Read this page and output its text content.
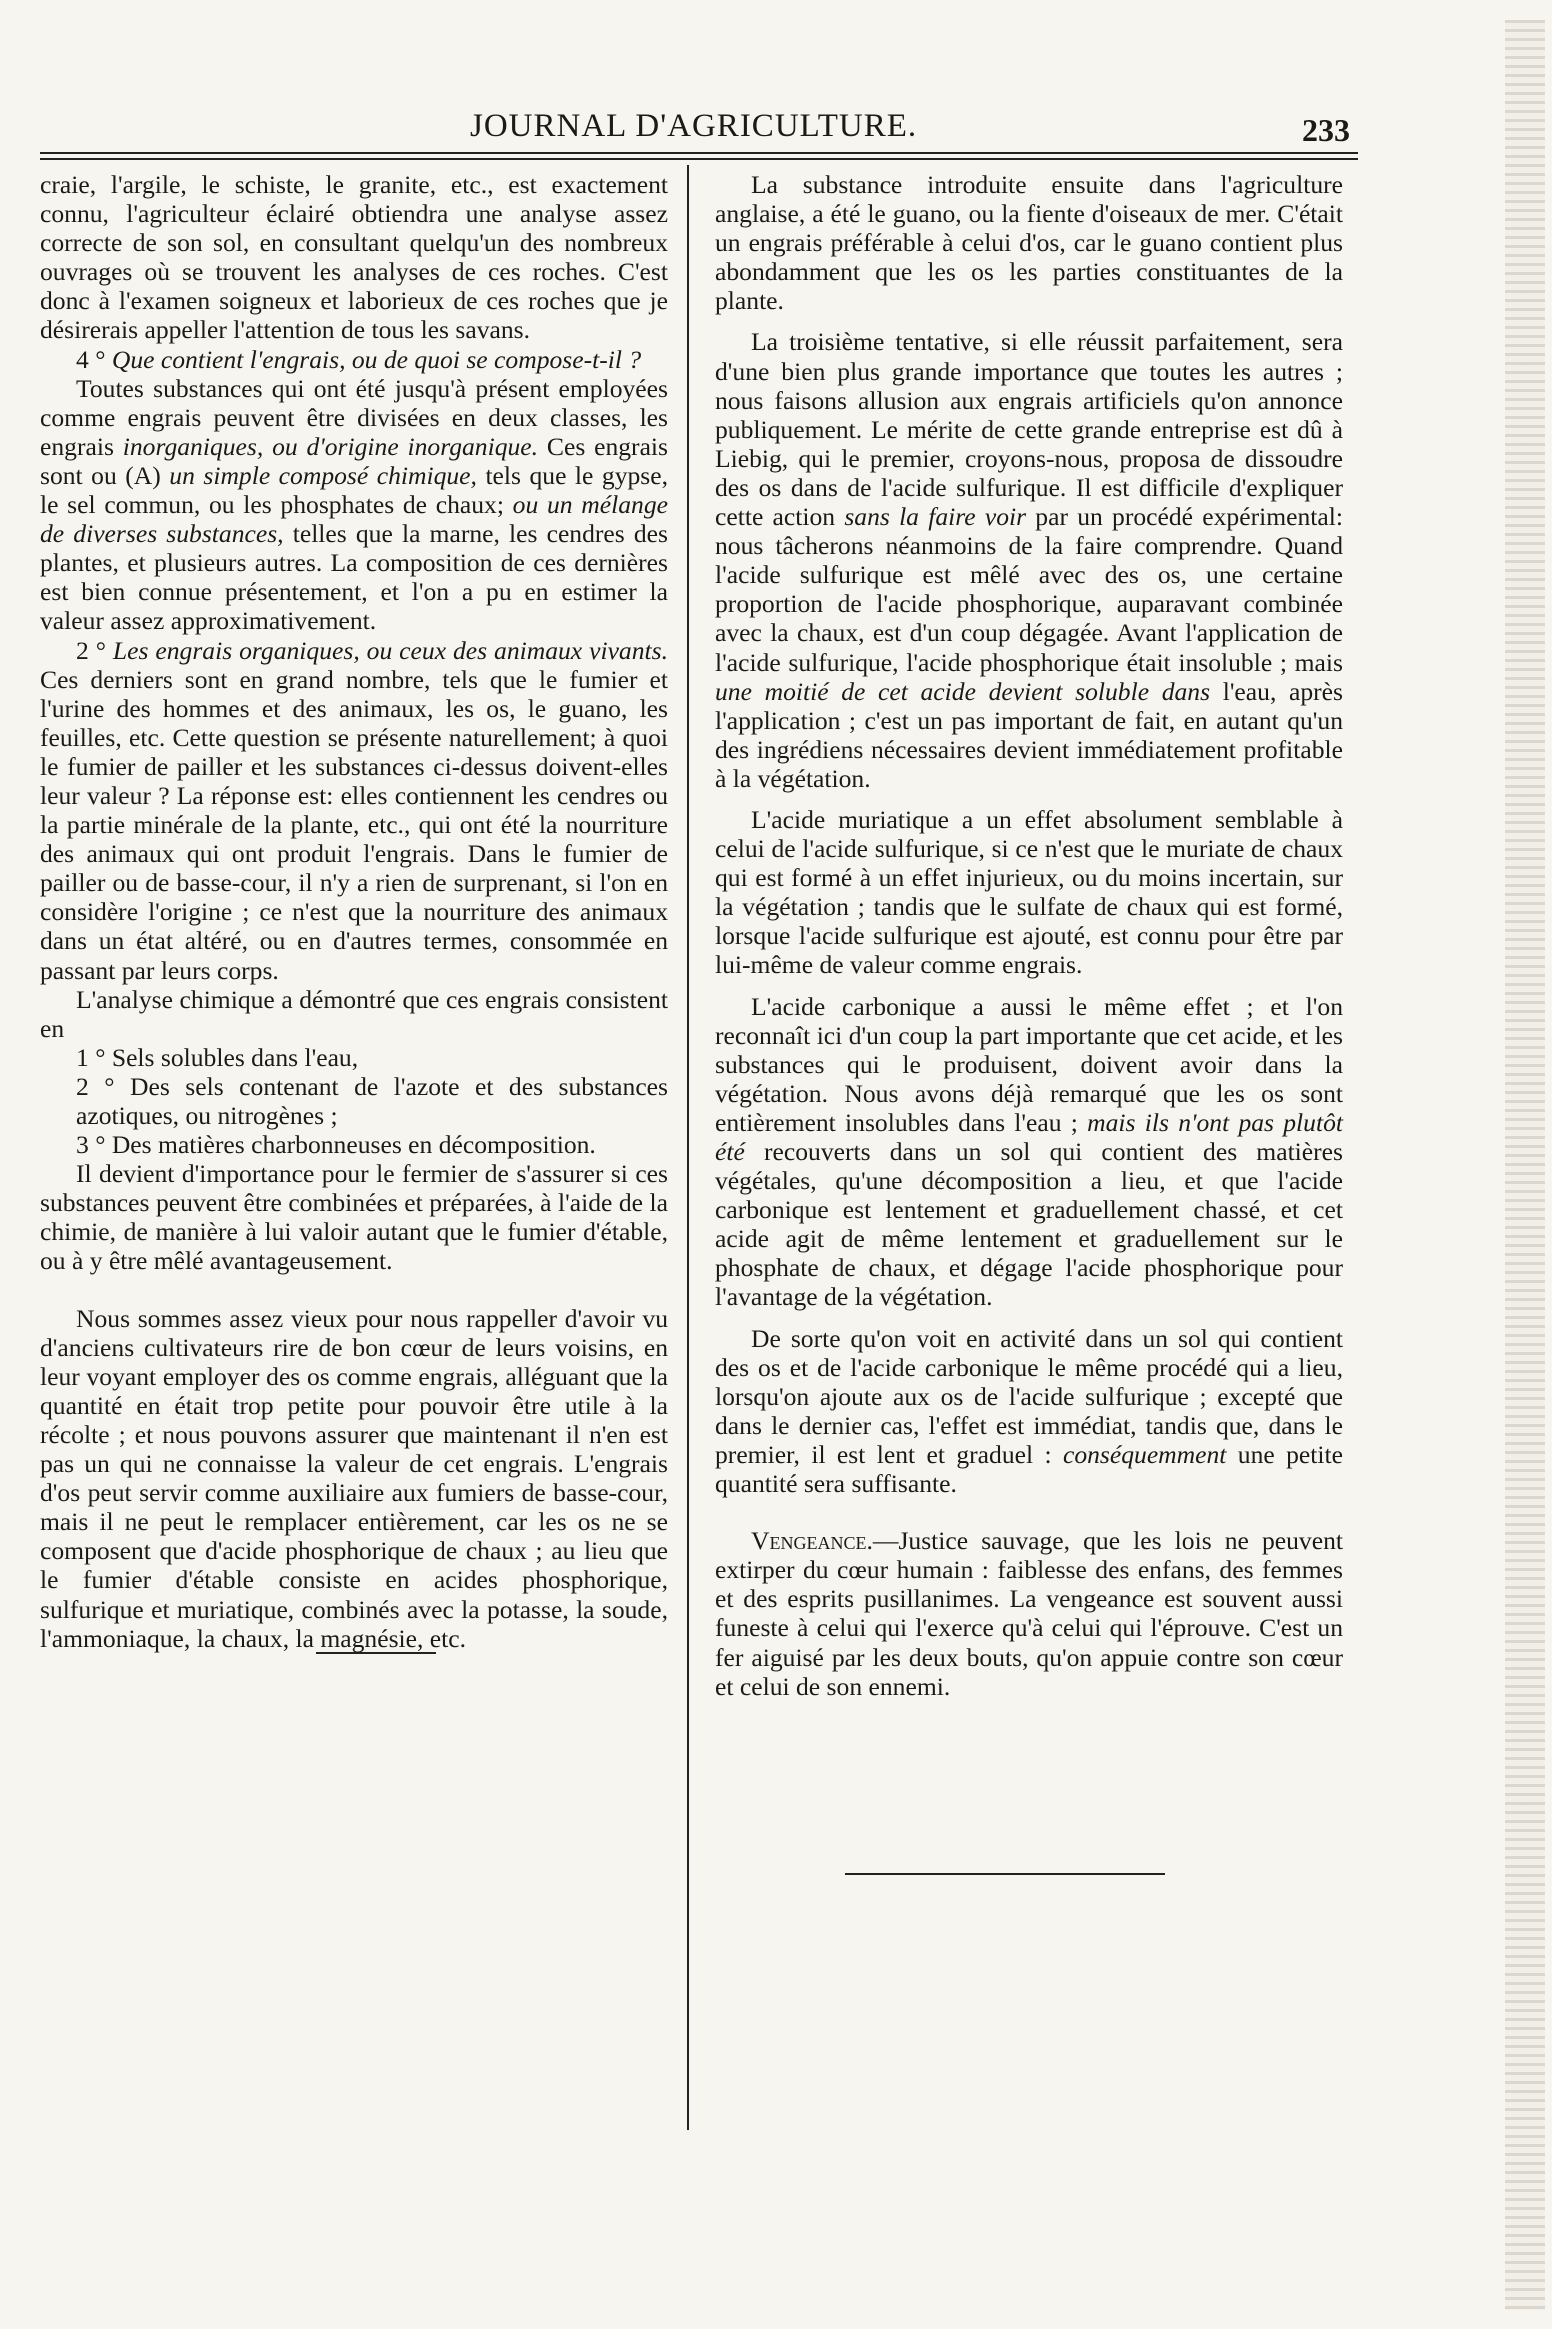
JOURNAL D'AGRICULTURE.	233

craie, l'argile, le schiste, le granite, etc., est exactement connu, l'agriculteur éclairé obtiendra une analyse assez correcte de son sol, en consultant quelqu'un des nombreux ouvrages où se trouvent les analyses de ces roches. C'est donc à l'examen soigneux et laborieux de ces roches que je désirerais appeller l'attention de tous les savans.

4 ° Que contient l'engrais, ou de quoi se compose-t-il ?

Toutes substances qui ont été jusqu'à présent employées comme engrais peuvent être divisées en deux classes, les engrais inorganiques, ou d'origine inorganique. Ces engrais sont ou (A) un simple composé chimique, tels que le gypse, le sel commun, ou les phosphates de chaux; ou un mélange de diverses substances, telles que la marne, les cendres des plantes, et plusieurs autres. La composition de ces dernières est bien connue présentement, et l'on a pu en estimer la valeur assez approximativement.

2 ° Les engrais organiques, ou ceux des animaux vivants. Ces derniers sont en grand nombre, tels que le fumier et l'urine des hommes et des animaux, les os, le guano, les feuilles, etc. Cette question se présente naturellement; à quoi le fumier de pailler et les substances ci-dessus doivent-elles leur valeur ? La réponse est: elles contiennent les cendres ou la partie minérale de la plante, etc., qui ont été la nourriture des animaux qui ont produit l'engrais. Dans le fumier de pailler ou de basse-cour, il n'y a rien de surprenant, si l'on en considère l'origine ; ce n'est que la nourriture des animaux dans un état altéré, ou en d'autres termes, consommée en passant par leurs corps.

L'analyse chimique a démontré que ces engrais consistent en

1 ° Sels solubles dans l'eau,

2 ° Des sels contenant de l'azote et des substances azotiques, ou nitrogènes ;

3 ° Des matières charbonneuses en décomposition.

Il devient d'importance pour le fermier de s'assurer si ces substances peuvent être combinées et préparées, à l'aide de la chimie, de manière à lui valoir autant que le fumier d'étable, ou à y être mêlé avantageusement.

Nous sommes assez vieux pour nous rappeller d'avoir vu d'anciens cultivateurs rire de bon cœur de leurs voisins, en leur voyant employer des os comme engrais, alléguant que la quantité en était trop petite pour pouvoir être utile à la récolte ; et nous pouvons assurer que maintenant il n'en est pas un qui ne connaisse la valeur de cet engrais. L'engrais d'os peut servir comme auxiliaire aux fumiers de basse-cour, mais il ne peut le remplacer entièrement, car les os ne se composent que d'acide phosphorique de chaux ; au lieu que le fumier d'étable consiste en acides phosphorique, sulfurique et muriatique, combinés avec la potasse, la soude, l'ammoniaque, la chaux, la magnésie, etc.

La substance introduite ensuite dans l'agriculture anglaise, a été le guano, ou la fiente d'oiseaux de mer. C'était un engrais préférable à celui d'os, car le guano contient plus abondamment que les os les parties constituantes de la plante.

La troisième tentative, si elle réussit parfaitement, sera d'une bien plus grande importance que toutes les autres ; nous faisons allusion aux engrais artificiels qu'on annonce publiquement. Le mérite de cette grande entreprise est dû à Liebig, qui le premier, croyons-nous, proposa de dissoudre des os dans de l'acide sulfurique. Il est difficile d'expliquer cette action sans la faire voir par un procédé expérimental: nous tâcherons néanmoins de la faire comprendre. Quand l'acide sulfurique est mêlé avec des os, une certaine proportion de l'acide phosphorique, auparavant combinée avec la chaux, est d'un coup dégagée. Avant l'application de l'acide sulfurique, l'acide phosphorique était insoluble ; mais une moitié de cet acide devient soluble dans l'eau, après l'application ; c'est un pas important de fait, en autant qu'un des ingrédiens nécessaires devient immédiatement profitable à la végétation.

L'acide muriatique a un effet absolument semblable à celui de l'acide sulfurique, si ce n'est que le muriate de chaux qui est formé à un effet injurieux, ou du moins incertain, sur la végétation ; tandis que le sulfate de chaux qui est formé, lorsque l'acide sulfurique est ajouté, est connu pour être par lui-même de valeur comme engrais.

L'acide carbonique a aussi le même effet ; et l'on reconnaît ici d'un coup la part importante que cet acide, et les substances qui le produisent, doivent avoir dans la végétation. Nous avons déjà remarqué que les os sont entièrement insolubles dans l'eau ; mais ils n'ont pas plutôt été recouverts dans un sol qui contient des matières végétales, qu'une décomposition a lieu, et que l'acide carbonique est lentement et graduellement chassé, et cet acide agit de même lentement et graduellement sur le phosphate de chaux, et dégage l'acide phosphorique pour l'avantage de la végétation.

De sorte qu'on voit en activité dans un sol qui contient des os et de l'acide carbonique le même procédé qui a lieu, lorsqu'on ajoute aux os de l'acide sulfurique ; excepté que dans le dernier cas, l'effet est immédiat, tandis que, dans le premier, il est lent et graduel : conséquemment une petite quantité sera suffisante.

Vengeance.—Justice sauvage, que les lois ne peuvent extirper du cœur humain : faiblesse des enfans, des femmes et des esprits pusillanimes. La vengeance est souvent aussi funeste à celui qui l'exerce qu'à celui qui l'éprouve. C'est un fer aiguisé par les deux bouts, qu'on appuie contre son cœur et celui de son ennemi.
